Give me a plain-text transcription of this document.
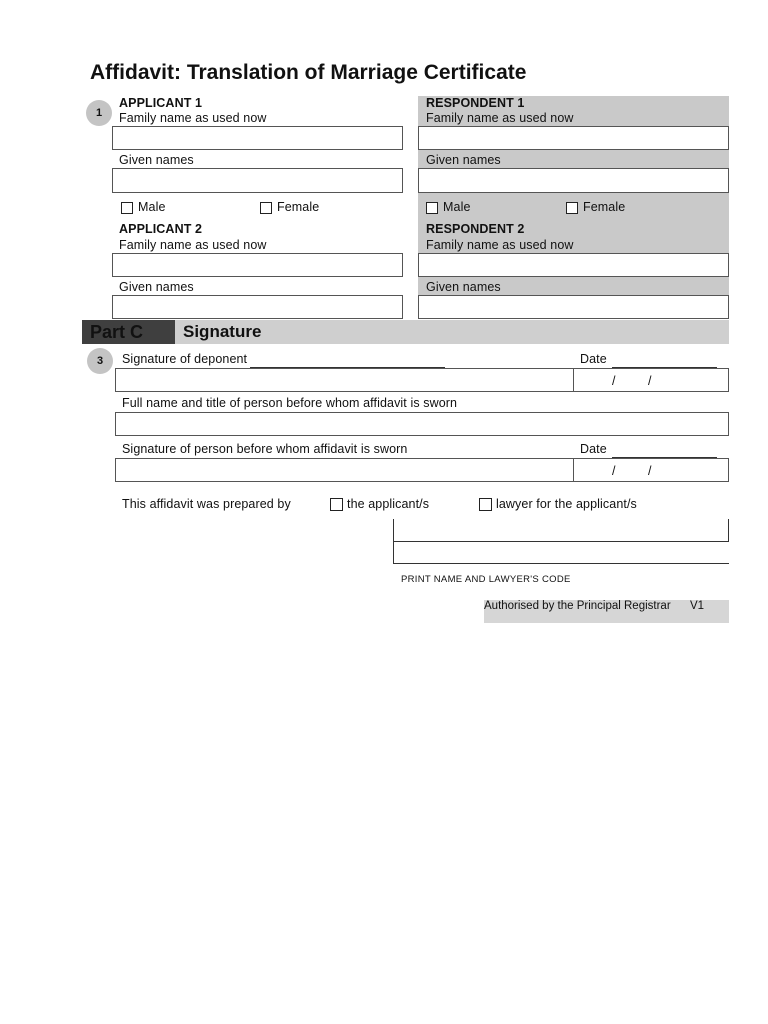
Affidavit: Translation of Marriage Certificate
1
APPLICANT 1
Family name as used now
Given names
Male	Female
APPLICANT 2
Family name as used now
Given names
RESPONDENT 1
Family name as used now
Given names
Male	Female
RESPONDENT 2
Family name as used now
Given names
Part C	Signature
3	Signature of deponent	Date
/	/
Full name and title of person before whom affidavit is sworn
Signature of person before whom affidavit is sworn	Date
/	/
This affidavit was prepared by	the applicant/s	lawyer for the applicant/s
PRINT NAME AND LAWYER'S CODE
Authorised by the Principal Registrar V1
